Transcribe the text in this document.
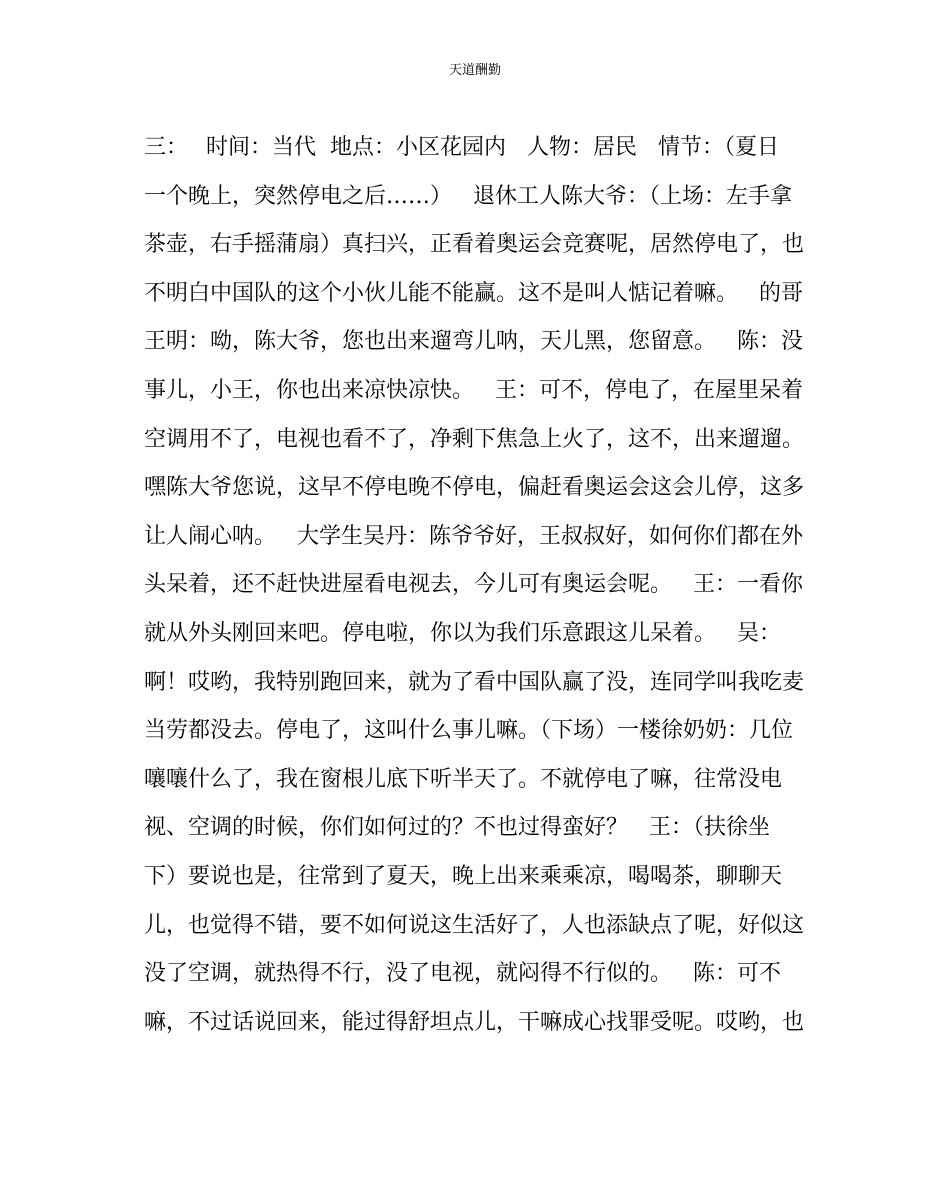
天道酬勤
三：　 时间：当代  地点：小区花园内   人物：居民   情节：（夏日
一个晚上，突然停电之后……）   退休工人陈大爷：（上场：左手拿
茶壶，右手摇蒲扇）真扫兴，正看着奥运会竞赛呢，居然停电了，也
不明白中国队的这个小伙儿能不能赢。这不是叫人惦记着嘛。   的哥
王明：呦，陈大爷，您也出来遛弯儿呐，天儿黑，您留意。   陈：没
事儿，小王，你也出来凉快凉快。   王：可不，停电了，在屋里呆着
空调用不了，电视也看不了，净剩下焦急上火了，这不，出来遛遛。
嘿陈大爷您说，这早不停电晚不停电，偏赶看奥运会这会儿停，这多
让人闹心呐。   大学生吴丹：陈爷爷好，王叔叔好，如何你们都在外
头呆着，还不赶快进屋看电视去，今儿可有奥运会呢。   王：一看你
就从外头刚回来吧。停电啦，你以为我们乐意跟这儿呆着。   吴：
啊！哎哟，我特别跑回来，就为了看中国队赢了没，连同学叫我吃麦
当劳都没去。停电了，这叫什么事儿嘛。（下场）一楼徐奶奶：几位
嚷嚷什么了，我在窗根儿底下听半天了。不就停电了嘛，往常没电
视、空调的时候，你们如何过的？不也过得蛮好？   王：（扶徐坐
下）要说也是，往常到了夏天，晚上出来乘乘凉，喝喝茶，聊聊天
儿，也觉得不错，要不如何说这生活好了，人也添缺点了呢，好似这
没了空调，就热得不行，没了电视，就闷得不行似的。   陈：可不
嘛，不过话说回来，能过得舒坦点儿，干嘛成心找罪受呢。哎哟，也
